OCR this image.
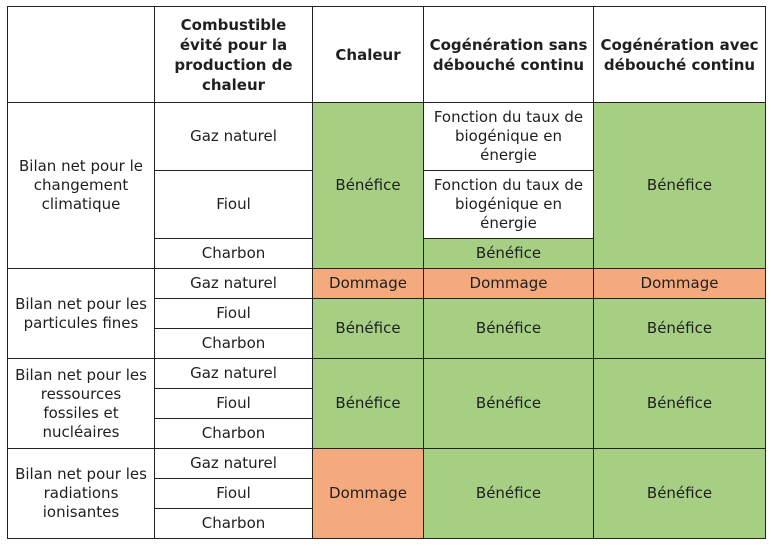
	Combustible évité pour la production de chaleur	Chaleur	Cogénération sans débouché continu	Cogénération avec débouché continu
Bilan net pour le changement climatique	Gaz naturel	Bénéfice	Fonction du taux de biogénique en énergie	Bénéfice
	Fioul		Fonction du taux de biogénique en énergie	
	Charbon		Bénéfice	
Bilan net pour les particules fines	Gaz naturel	Dommage	Dommage	Dommage
	Fioul	Bénéfice	Bénéfice	Bénéfice
	Charbon			
Bilan net pour les ressources fossiles et nucléaires	Gaz naturel	Bénéfice	Bénéfice	Bénéfice
	Fioul			
	Charbon			
Bilan net pour les radiations ionisantes	Gaz naturel	Dommage	Bénéfice	Bénéfice
	Fioul			
	Charbon			
